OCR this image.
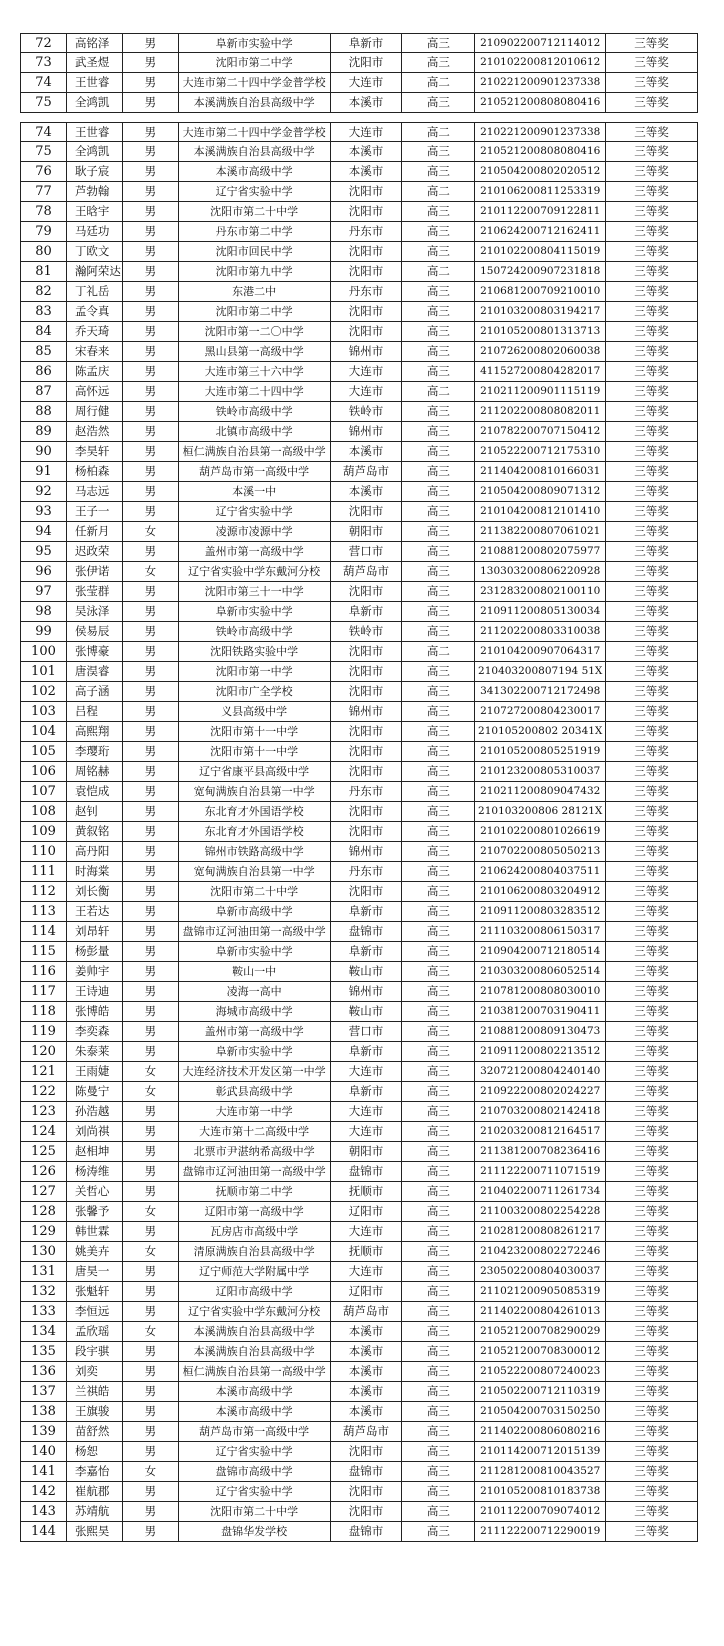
72	高铭泽	男	阜新市实验中学	阜新市	高三	210902200712114012	三等奖
73	武圣煜	男	沈阳市第二中学	沈阳市	高三	210102200812010612	三等奖
74	王世睿	男	大连市第二十四中学金普学校	大连市	高二	210221200901237338	三等奖
75	全鸿凯	男	本溪满族自治县高级中学	本溪市	高三	210521200808080416	三等奖
74	王世睿	男	大连市第二十四中学金普学校	大连市	高二	210221200901237338	三等奖
75	全鸿凯	男	本溪满族自治县高级中学	本溪市	高三	210521200808080416	三等奖
76	耿子宸	男	本溪市高级中学	本溪市	高三	210504200802020512	三等奖
77	芦勃翰	男	辽宁省实验中学	沈阳市	高二	210106200811253319	三等奖
78	王晗宇	男	沈阳市第二十中学	沈阳市	高三	210112200709122811	三等奖
79	马廷功	男	丹东市第二中学	丹东市	高三	210624200712162411	三等奖
80	丁欧文	男	沈阳市回民中学	沈阳市	高三	210102200804115019	三等奖
81	瀚阿荣达	男	沈阳市第九中学	沈阳市	高二	150724200907231818	三等奖
82	丁礼岳	男	东港二中	丹东市	高三	210681200709210010	三等奖
83	孟令真	男	沈阳市第二中学	沈阳市	高三	210103200803194217	三等奖
84	乔天琦	男	沈阳市第一二〇中学	沈阳市	高三	210105200801313713	三等奖
85	宋春来	男	黑山县第一高级中学	锦州市	高三	210726200802060038	三等奖
86	陈孟庆	男	大连市第三十六中学	大连市	高三	411527200804282017	三等奖
87	高怀远	男	大连市第二十四中学	大连市	高二	210211200901115119	三等奖
88	周行健	男	铁岭市高级中学	铁岭市	高三	211202200808082011	三等奖
89	赵浩然	男	北镇市高级中学	锦州市	高三	210782200707150412	三等奖
90	李昊轩	男	桓仁满族自治县第一高级中学	本溪市	高三	210522200712175310	三等奖
91	杨柏森	男	葫芦岛市第一高级中学	葫芦岛市	高三	211404200810166031	三等奖
92	马志远	男	本溪一中	本溪市	高三	210504200809071312	三等奖
93	王子一	男	辽宁省实验中学	沈阳市	高三	210104200812101410	三等奖
94	任新月	女	凌源市凌源中学	朝阳市	高三	211382200807061021	三等奖
95	迟政荣	男	盖州市第一高级中学	营口市	高三	210881200802075977	三等奖
96	张伊诺	女	辽宁省实验中学东戴河分校	葫芦岛市	高三	130303200806220928	三等奖
97	张莹群	男	沈阳市第三十一中学	沈阳市	高三	231283200802100110	三等奖
98	吴泳泽	男	阜新市实验中学	阜新市	高三	210911200805130034	三等奖
99	侯易辰	男	铁岭市高级中学	铁岭市	高三	211202200803310038	三等奖
100	张博豪	男	沈阳铁路实验中学	沈阳市	高二	210104200907064317	三等奖
101	唐淏睿	男	沈阳市第一中学	沈阳市	高三	210403200807194 51X	三等奖
102	高子涵	男	沈阳市广全学校	沈阳市	高三	341302200712172498	三等奖
103	吕程	男	义县高级中学	锦州市	高三	210727200804230017	三等奖
104	高熙翔	男	沈阳市第十一中学	沈阳市	高三	210105200802 20341X	三等奖
105	李璎珩	男	沈阳市第十一中学	沈阳市	高三	210105200805251919	三等奖
106	周铭赫	男	辽宁省康平县高级中学	沈阳市	高三	210123200805310037	三等奖
107	袁恺成	男	宽甸满族自治县第一中学	丹东市	高三	210211200809047432	三等奖
108	赵钊	男	东北育才外国语学校	沈阳市	高三	210103200806 28121X	三等奖
109	黄叙铭	男	东北育才外国语学校	沈阳市	高三	210102200801026619	三等奖
110	高丹阳	男	锦州市铁路高级中学	锦州市	高三	210702200805050213	三等奖
111	时海棠	男	宽甸满族自治县第一中学	丹东市	高三	210624200804037511	三等奖
112	刘长衡	男	沈阳市第二十中学	沈阳市	高三	210106200803204912	三等奖
113	王若达	男	阜新市高级中学	阜新市	高三	210911200803283512	三等奖
114	刘昂轩	男	盘锦市辽河油田第一高级中学	盘锦市	高三	211103200806150317	三等奖
115	杨彭量	男	阜新市实验中学	阜新市	高三	210904200712180514	三等奖
116	姜帅宇	男	鞍山一中	鞍山市	高三	210303200806052514	三等奖
117	王诗迪	男	凌海一高中	锦州市	高三	210781200808030010	三等奖
118	张博皓	男	海城市高级中学	鞍山市	高三	210381200703190411	三等奖
119	李奕森	男	盖州市第一高级中学	营口市	高三	210881200809130473	三等奖
120	朱泰莱	男	阜新市实验中学	阜新市	高三	210911200802213512	三等奖
121	王雨婕	女	大连经济技术开发区第一中学	大连市	高三	320721200804240140	三等奖
122	陈曼宁	女	彰武县高级中学	阜新市	高三	210922200802024227	三等奖
123	孙浩越	男	大连市第一中学	大连市	高三	210703200802142418	三等奖
124	刘尚祺	男	大连市第十二高级中学	大连市	高三	210203200812164517	三等奖
125	赵相坤	男	北票市尹湛纳希高级中学	朝阳市	高三	211381200708236416	三等奖
126	杨涛维	男	盘锦市辽河油田第一高级中学	盘锦市	高三	211122200711071519	三等奖
127	关哲心	男	抚顺市第二中学	抚顺市	高三	210402200711261734	三等奖
128	张馨予	女	辽阳市第一高级中学	辽阳市	高三	211003200802254228	三等奖
129	韩世霖	男	瓦房店市高级中学	大连市	高三	210281200808261217	三等奖
130	姚美卉	女	清原满族自治县高级中学	抚顺市	高三	210423200802272246	三等奖
131	唐昊一	男	辽宁师范大学附属中学	大连市	高三	230502200804030037	三等奖
132	张魁轩	男	辽阳市高级中学	辽阳市	高三	211021200905085319	三等奖
133	李恒远	男	辽宁省实验中学东戴河分校	葫芦岛市	高三	211402200804261013	三等奖
134	孟欣瑶	女	本溪满族自治县高级中学	本溪市	高三	210521200708290029	三等奖
135	段宇骐	男	本溪满族自治县高级中学	本溪市	高三	210521200708300012	三等奖
136	刘奕	男	桓仁满族自治县第一高级中学	本溪市	高三	210522200807240023	三等奖
137	兰祺皓	男	本溪市高级中学	本溪市	高三	210502200712110319	三等奖
138	王旗骏	男	本溪市高级中学	本溪市	高三	210504200703150250	三等奖
139	苗舒然	男	葫芦岛市第一高级中学	葫芦岛市	高三	211402200806080216	三等奖
140	杨恕	男	辽宁省实验中学	沈阳市	高三	210114200712015139	三等奖
141	李嘉怡	女	盘锦市高级中学	盘锦市	高三	211281200810043527	三等奖
142	崔航郡	男	辽宁省实验中学	沈阳市	高三	210105200810183738	三等奖
143	苏靖航	男	沈阳市第二十中学	沈阳市	高三	210112200709074012	三等奖
144	张熙昊	男	盘锦华发学校	盘锦市	高三	211122200712290019	三等奖
